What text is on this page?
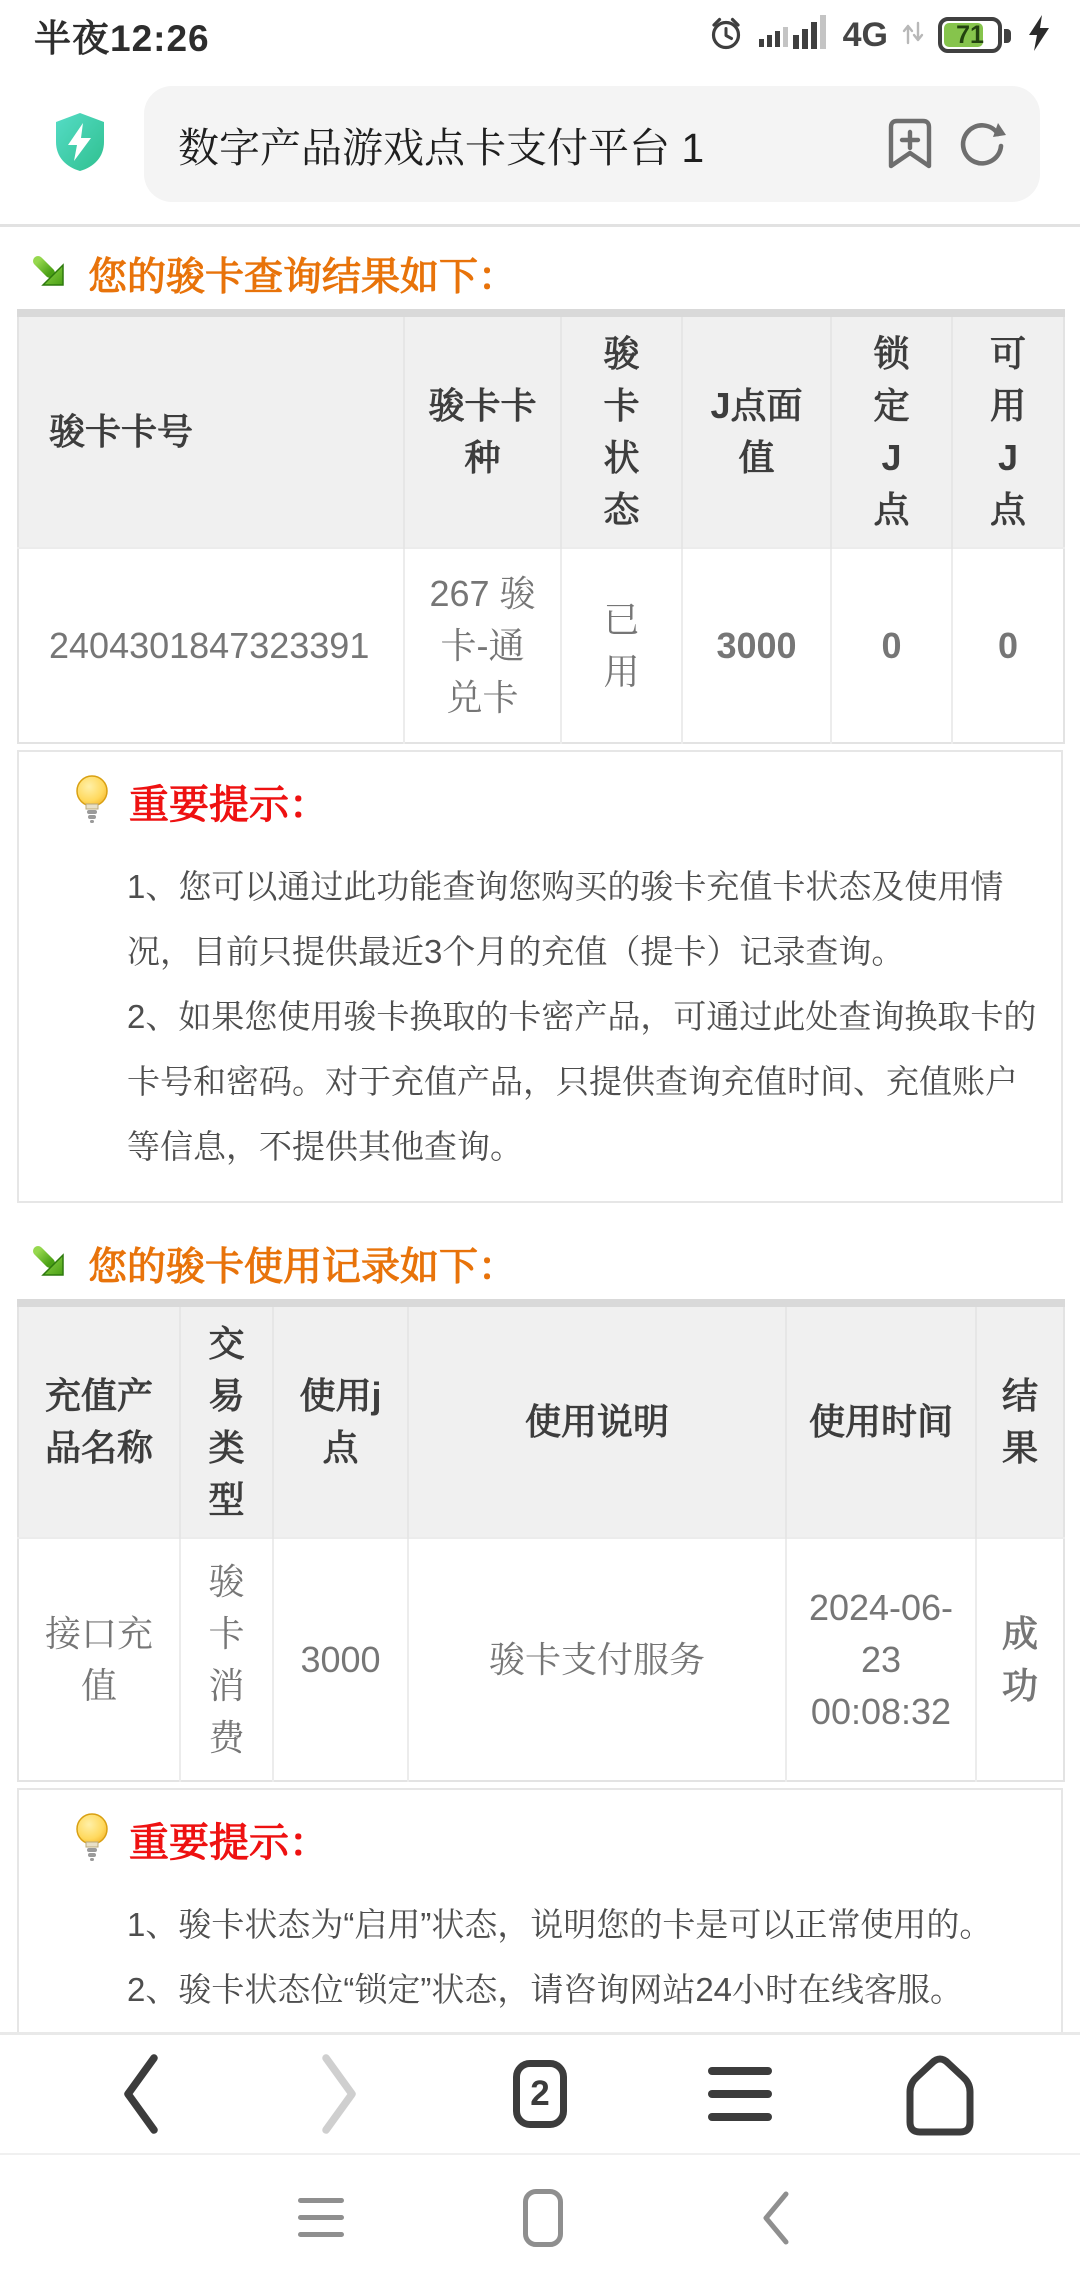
半夜12:26	4G	71
数字产品游戏点卡支付平台 1
您的骏卡查询结果如下：
骏卡卡号	骏卡卡种	骏卡状态	J点面值	锁定J点	可用J点
2404301847323391	267 骏卡-通兑卡	已用	3000	0	0
重要提示：

1、您可以通过此功能查询您购买的骏卡充值卡状态及使用情况，目前只提供最近3个月的充值（提卡）记录查询。

2、如果您使用骏卡换取的卡密产品，可通过此处查询换取卡的卡号和密码。对于充值产品，只提供查询充值时间、充值账户等信息，不提供其他查询。

您的骏卡使用记录如下：
充值产品名称	交易类型	使用j点	使用说明	使用时间	结果
接口充值	骏卡消费	3000	骏卡支付服务	2024-06-23 00:08:32	成功
重要提示：

1、骏卡状态为“启用”状态，说明您的卡是可以正常使用的。

2、骏卡状态位“锁定”状态，请咨询网站24小时在线客服。

2
